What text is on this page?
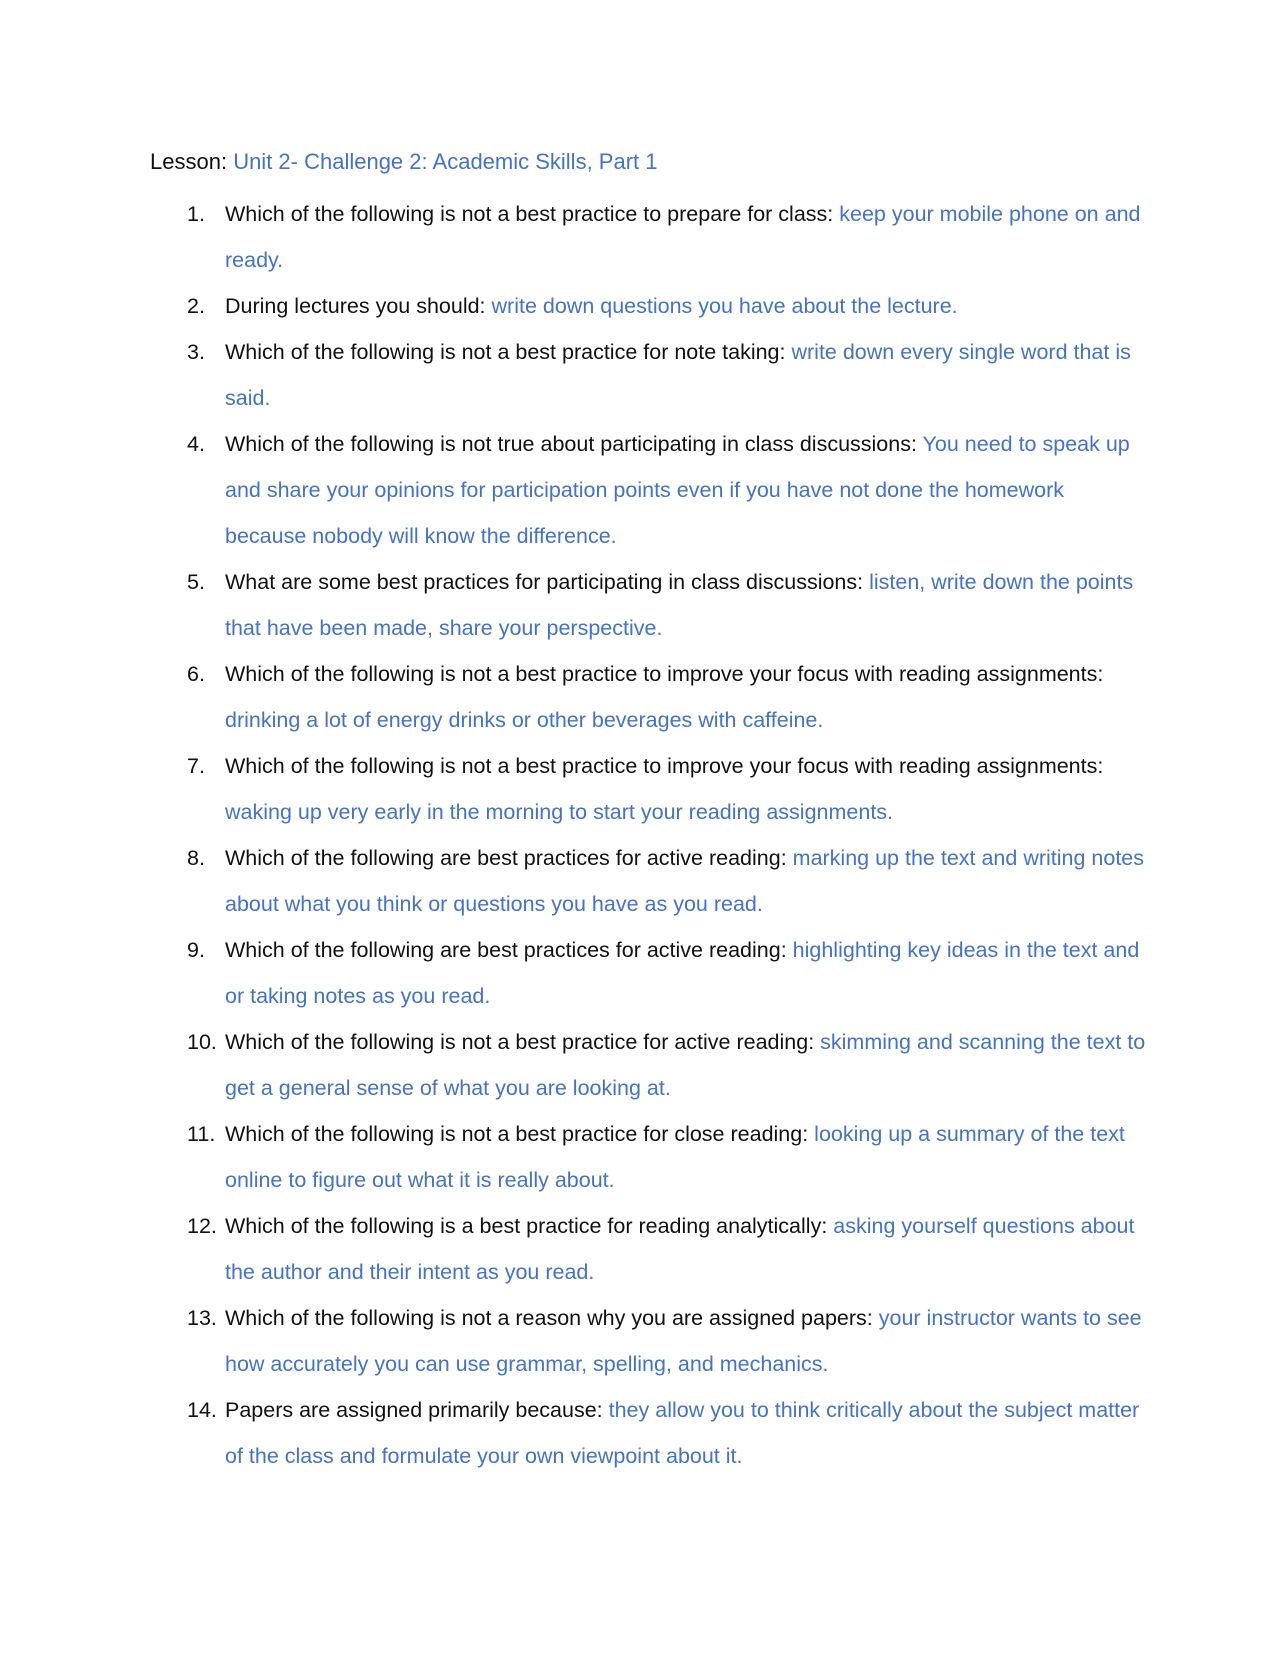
Lesson: Unit 2- Challenge 2: Academic Skills, Part 1

1. Which of the following is not a best practice to prepare for class: keep your mobile phone on and ready.
2. During lectures you should: write down questions you have about the lecture.
3. Which of the following is not a best practice for note taking: write down every single word that is said.
4. Which of the following is not true about participating in class discussions: You need to speak up and share your opinions for participation points even if you have not done the homework because nobody will know the difference.
5. What are some best practices for participating in class discussions: listen, write down the points that have been made, share your perspective.
6. Which of the following is not a best practice to improve your focus with reading assignments: drinking a lot of energy drinks or other beverages with caffeine.
7. Which of the following is not a best practice to improve your focus with reading assignments: waking up very early in the morning to start your reading assignments.
8. Which of the following are best practices for active reading: marking up the text and writing notes about what you think or questions you have as you read.
9. Which of the following are best practices for active reading: highlighting key ideas in the text and or taking notes as you read.
10. Which of the following is not a best practice for active reading: skimming and scanning the text to get a general sense of what you are looking at.
11. Which of the following is not a best practice for close reading: looking up a summary of the text online to figure out what it is really about.
12. Which of the following is a best practice for reading analytically: asking yourself questions about the author and their intent as you read.
13. Which of the following is not a reason why you are assigned papers: your instructor wants to see how accurately you can use grammar, spelling, and mechanics.
14. Papers are assigned primarily because: they allow you to think critically about the subject matter of the class and formulate your own viewpoint about it.
